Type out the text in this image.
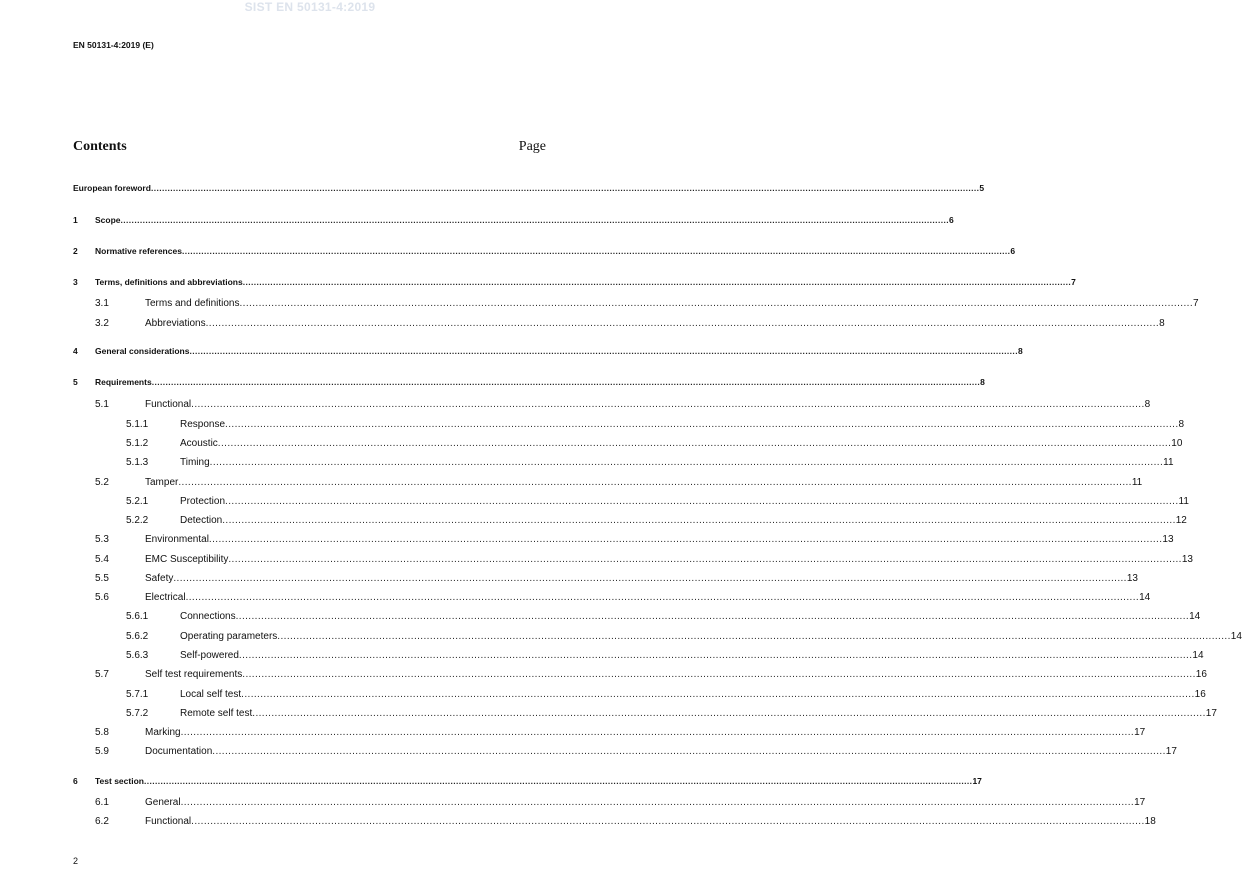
SIST EN 50131-4:2019
EN 50131-4:2019 (E)
Contents	Page
European foreword ............................................................................................................................................................................................................................................................................................................ 5
1 Scope ............................................................................................................................................................................................................................................................................................................ 6
2 Normative references ............................................................................................................................................................................................................................................................................................................ 6
3 Terms, definitions and abbreviations ............................................................................................................................................................................................................................................................................................................ 7
3.1	Terms and definitions ............................................................................................................................................................................................................................................................................................................ 7
3.2	Abbreviations ............................................................................................................................................................................................................................................................................................................ 8
4 General considerations ............................................................................................................................................................................................................................................................................................................ 8
5 Requirements ............................................................................................................................................................................................................................................................................................................ 8
5.1	Functional ............................................................................................................................................................................................................................................................................................................ 8
5.1.1	Response ............................................................................................................................................................................................................................................................................................................ 8
5.1.2	Acoustic ............................................................................................................................................................................................................................................................................................................ 10
5.1.3	Timing ............................................................................................................................................................................................................................................................................................................ 11
5.2	Tamper ............................................................................................................................................................................................................................................................................................................ 11
5.2.1	Protection ............................................................................................................................................................................................................................................................................................................ 11
5.2.2	Detection ............................................................................................................................................................................................................................................................................................................ 12
5.3	Environmental ............................................................................................................................................................................................................................................................................................................ 13
5.4	EMC Susceptibility ............................................................................................................................................................................................................................................................................................................ 13
5.5	Safety ............................................................................................................................................................................................................................................................................................................ 13
5.6	Electrical ............................................................................................................................................................................................................................................................................................................ 14
5.6.1	Connections ............................................................................................................................................................................................................................................................................................................ 14
5.6.2	Operating parameters ............................................................................................................................................................................................................................................................................................................ 14
5.6.3	Self-powered ............................................................................................................................................................................................................................................................................................................ 14
5.7	Self test requirements ............................................................................................................................................................................................................................................................................................................ 16
5.7.1	Local self test ............................................................................................................................................................................................................................................................................................................ 16
5.7.2	Remote self test ............................................................................................................................................................................................................................................................................................................ 17
5.8	Marking ............................................................................................................................................................................................................................................................................................................ 17
5.9	Documentation ............................................................................................................................................................................................................................................................................................................ 17
6 Test section ............................................................................................................................................................................................................................................................................................................ 17
6.1	General ............................................................................................................................................................................................................................................................................................................ 17
6.2	Functional ............................................................................................................................................................................................................................................................................................................ 18
2
